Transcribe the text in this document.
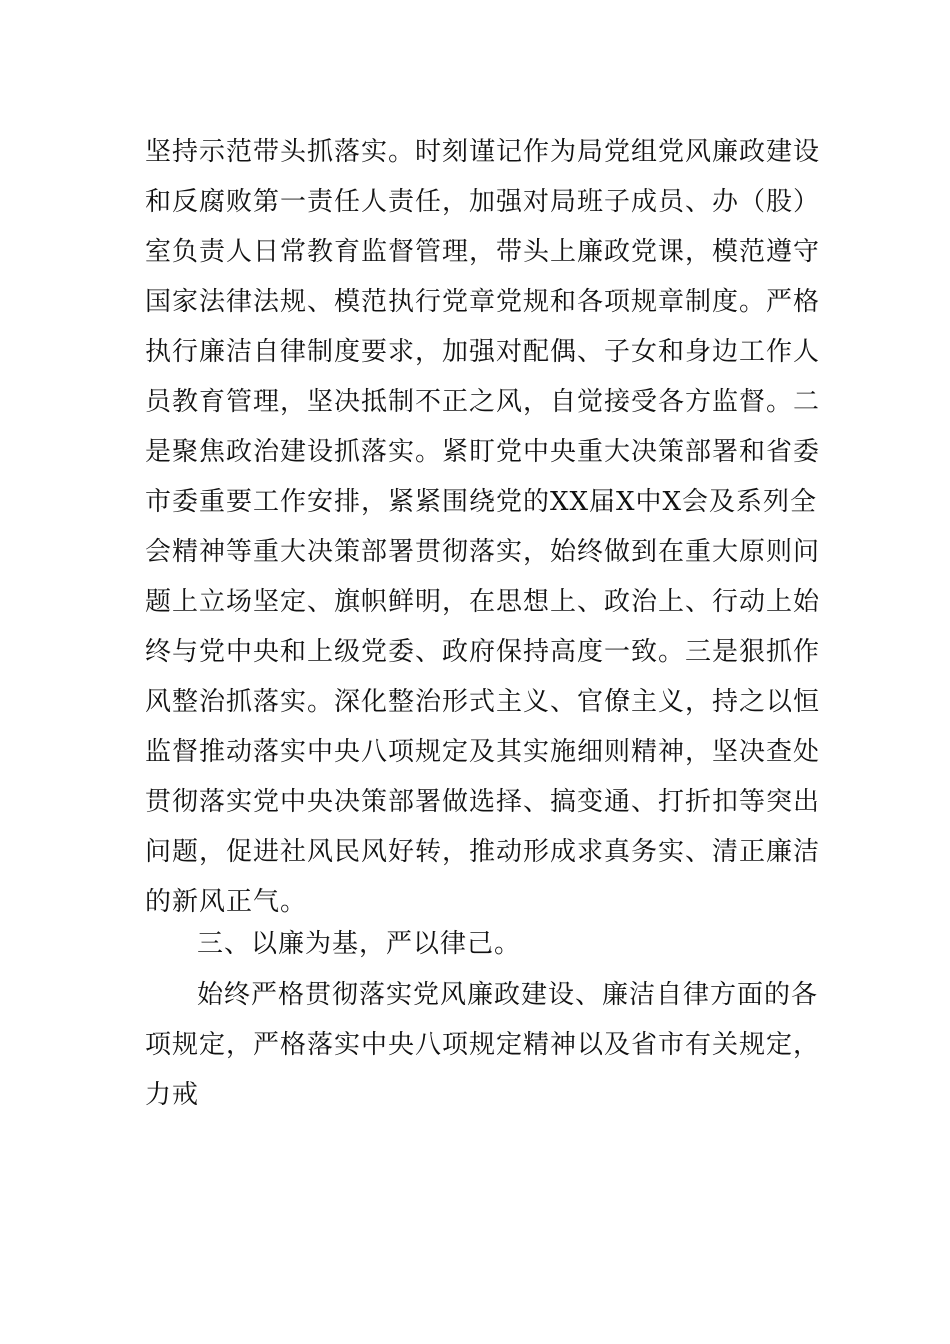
坚持示范带头抓落实。时刻谨记作为局党组党风廉政建设
和反腐败第一责任人责任，加强对局班子成员、办（股）
室负责人日常教育监督管理，带头上廉政党课，模范遵守
国家法律法规、模范执行党章党规和各项规章制度。严格
执行廉洁自律制度要求，加强对配偶、子女和身边工作人
员教育管理，坚决抵制不正之风，自觉接受各方监督。二
是聚焦政治建设抓落实。紧盯党中央重大决策部署和省委
市委重要工作安排，紧紧围绕党的XX届X中X会及系列全
会精神等重大决策部署贯彻落实，始终做到在重大原则问
题上立场坚定、旗帜鲜明，在思想上、政治上、行动上始
终与党中央和上级党委、政府保持高度一致。三是狠抓作
风整治抓落实。深化整治形式主义、官僚主义，持之以恒
监督推动落实中央八项规定及其实施细则精神，坚决查处
贯彻落实党中央决策部署做选择、搞变通、打折扣等突出
问题，促进社风民风好转，推动形成求真务实、清正廉洁
的新风正气。
三、以廉为基，严以律己。
始终严格贯彻落实党风廉政建设、廉洁自律方面的各
项规定，严格落实中央八项规定精神以及省市有关规定，
力戒
